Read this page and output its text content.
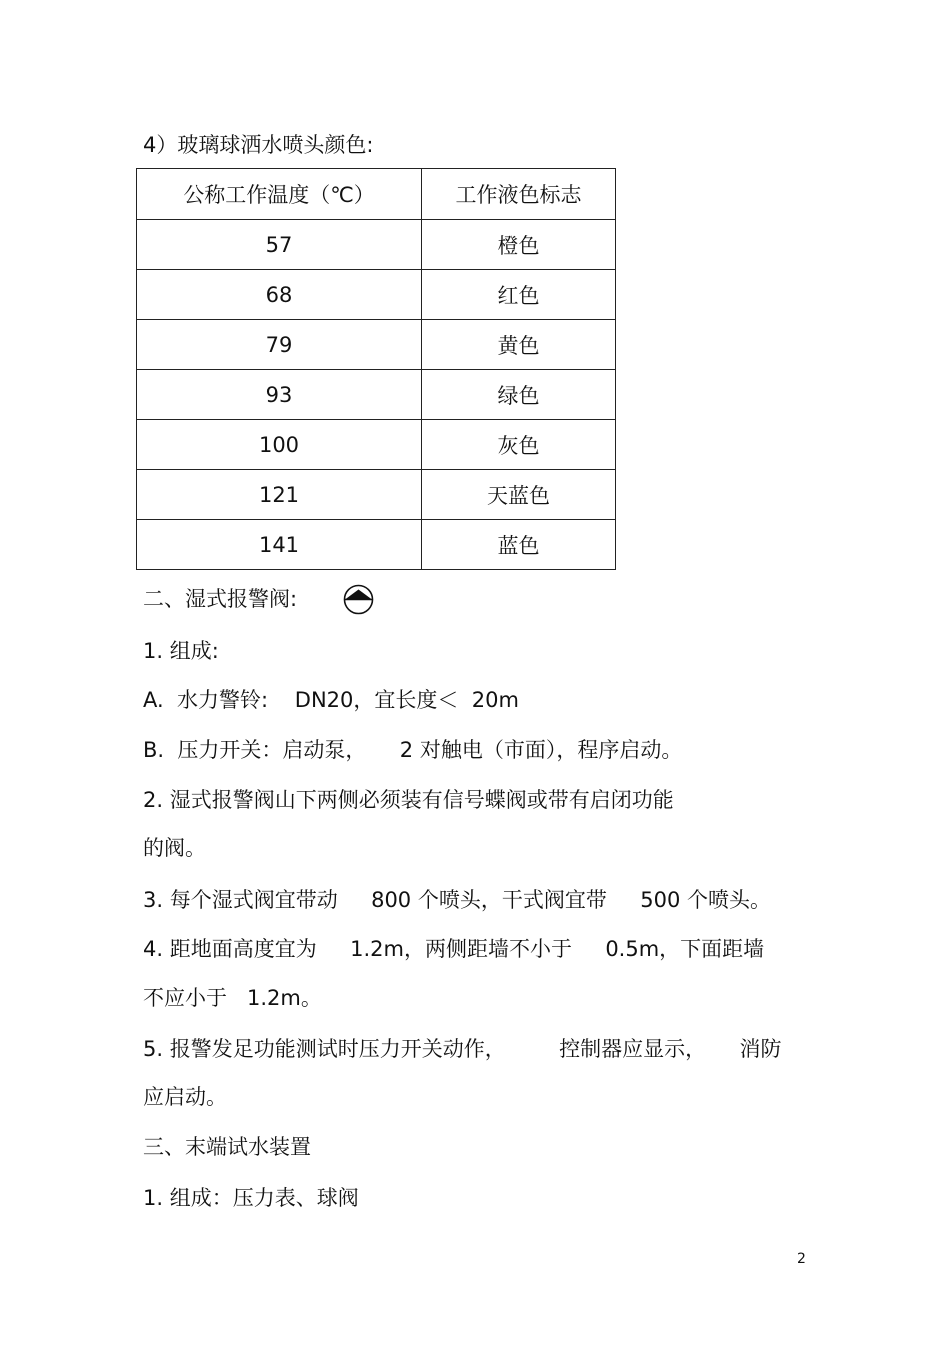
4）玻璃球洒水喷头颜色:
公称工作温度（℃）	工作液色标志
57	橙色
68	红色
79	黄色
93	绿色
100	灰色
121	天蓝色
141	蓝色
二、湿式报警阀:
1. 组成:
A.  水力警铃:    DN20，宜长度＜  20m
B.  压力开关：启动泵，     2 对触电（市面），程序启动。
2. 湿式报警阀山下两侧必须装有信号蝶阀或带有启闭功能
的阀。
3. 每个湿式阀宜带动     800 个喷头，干式阀宜带     500 个喷头。
4. 距地面高度宜为     1.2m，两侧距墙不小于     0.5m，下面距墙
不应小于   1.2m。
5. 报警发足功能测试时压力开关动作，        控制器应显示，     消防
应启动。
三、末端试水装置
1. 组成：压力表、球阀
2
